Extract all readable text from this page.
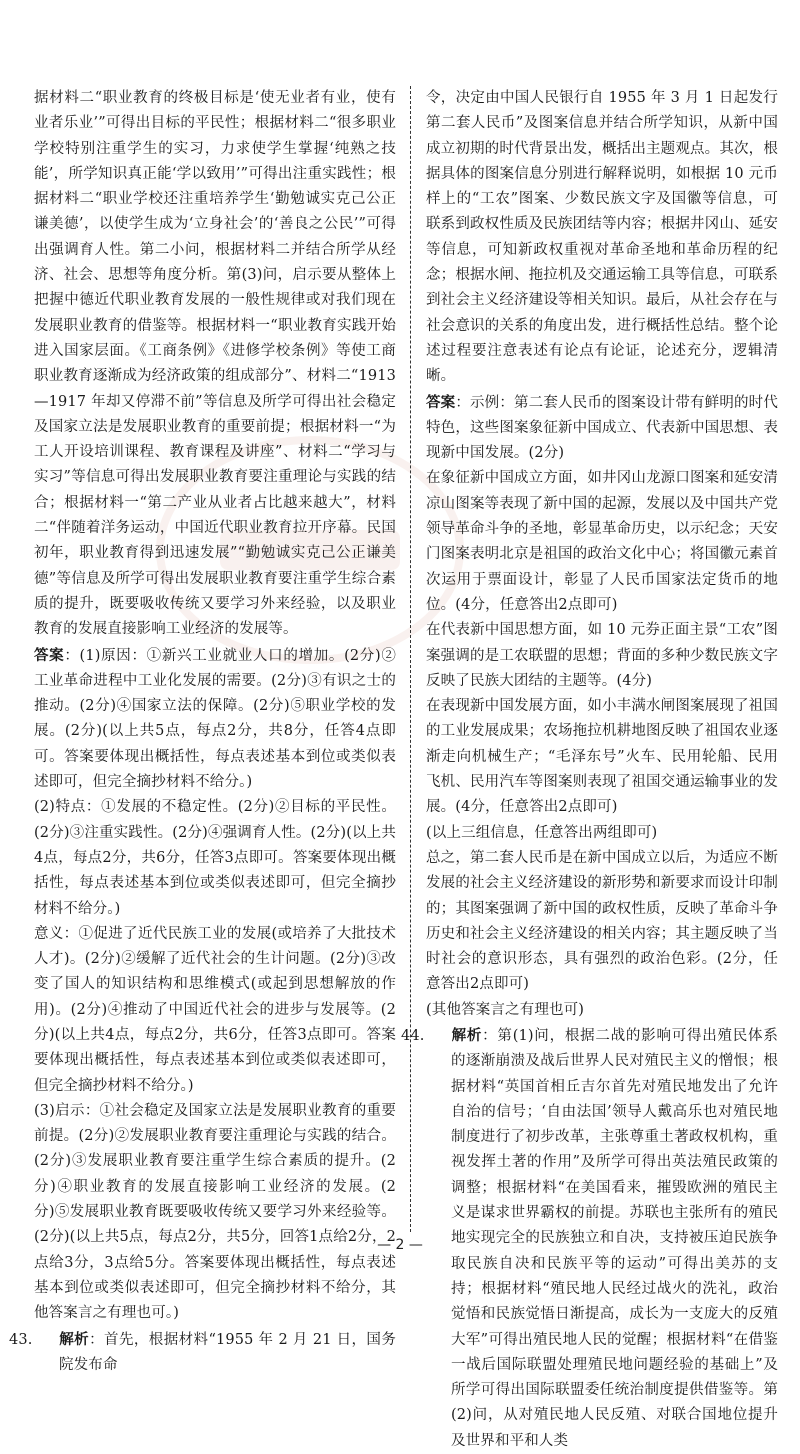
据材料二“职业教育的终极目标是‘使无业者有业，使有业者乐业’”可得出目标的平民性；根据材料二“很多职业学校特别注重学生的实习，力求使学生掌握‘纯熟之技能’，所学知识真正能‘学以致用’”可得出注重实践性；根据材料二“职业学校还注重培养学生‘勤勉诚实克己公正谦美德’，以使学生成为‘立身社会’的‘善良之公民’”可得出强调育人性。第二小问，根据材料二并结合所学从经济、社会、思想等角度分析。第(3)问，启示要从整体上把握中德近代职业教育发展的一般性规律或对我们现在发展职业教育的借鉴等。根据材料一“职业教育实践开始进入国家层面。《工商条例》《进修学校条例》等使工商职业教育逐渐成为经济政策的组成部分”、材料二“1913—1917 年却又停滞不前”等信息及所学可得出社会稳定及国家立法是发展职业教育的重要前提；根据材料一“为工人开设培训课程、教育课程及讲座”、材料二“学习与实习”等信息可得出发展职业教育要注重理论与实践的结合；根据材料一“第二产业从业者占比越来越大”，材料二“伴随着洋务运动，中国近代职业教育拉开序幕。民国初年，职业教育得到迅速发展”“勤勉诚实克己公正谦美德”等信息及所学可得出发展职业教育要注重学生综合素质的提升，既要吸收传统又要学习外来经验，以及职业教育的发展直接影响工业经济的发展等。

答案：(1)原因：①新兴工业就业人口的增加。(2分)②工业革命进程中工业化发展的需要。(2分)③有识之士的推动。(2分)④国家立法的保障。(2分)⑤职业学校的发展。(2分)(以上共5点，每点2分，共8分，任答4点即可。答案要体现出概括性，每点表述基本到位或类似表述即可，但完全摘抄材料不给分。)

(2)特点：①发展的不稳定性。(2分)②目标的平民性。(2分)③注重实践性。(2分)④强调育人性。(2分)(以上共4点，每点2分，共6分，任答3点即可。答案要体现出概括性，每点表述基本到位或类似表述即可，但完全摘抄材料不给分。)

意义：①促进了近代民族工业的发展(或培养了大批技术人才)。(2分)②缓解了近代社会的生计问题。(2分)③改变了国人的知识结构和思维模式(或起到思想解放的作用)。(2分)④推动了中国近代社会的进步与发展等。(2分)(以上共4点，每点2分，共6分，任答3点即可。答案要体现出概括性，每点表述基本到位或类似表述即可，但完全摘抄材料不给分。)

(3)启示：①社会稳定及国家立法是发展职业教育的重要前提。(2分)②发展职业教育要注重理论与实践的结合。(2分)③发展职业教育要注重学生综合素质的提升。(2分)④职业教育的发展直接影响工业经济的发展。(2分)⑤发展职业教育既要吸收传统又要学习外来经验等。(2分)(以上共5点，每点2分，共5分，回答1点给2分，2点给3分，3点给5分。答案要体现出概括性，每点表述基本到位或类似表述即可，但完全摘抄材料不给分，其他答案言之有理也可。)

43. 解析：首先，根据材料“1955 年 2 月 21 日，国务院发布命

令，决定由中国人民银行自 1955 年 3 月 1 日起发行第二套人民币”及图案信息并结合所学知识，从新中国成立初期的时代背景出发，概括出主题观点。其次，根据具体的图案信息分别进行解释说明，如根据 10 元币样上的“工农”图案、少数民族文字及国徽等信息，可联系到政权性质及民族团结等内容；根据井冈山、延安等信息，可知新政权重视对革命圣地和革命历程的纪念；根据水闸、拖拉机及交通运输工具等信息，可联系到社会主义经济建设等相关知识。最后，从社会存在与社会意识的关系的角度出发，进行概括性总结。整个论述过程要注意表述有论点有论证，论述充分，逻辑清晰。

答案：示例：第二套人民币的图案设计带有鲜明的时代特色，这些图案象征新中国成立、代表新中国思想、表现新中国发展。(2分)

在象征新中国成立方面，如井冈山龙源口图案和延安清凉山图案等表现了新中国的起源，发展以及中国共产党领导革命斗争的圣地，彰显革命历史，以示纪念；天安门图案表明北京是祖国的政治文化中心；将国徽元素首次运用于票面设计，彰显了人民币国家法定货币的地位。(4分，任意答出2点即可)

在代表新中国思想方面，如 10 元券正面主景“工农”图案强调的是工农联盟的思想；背面的多种少数民族文字反映了民族大团结的主题等。(4分)

在表现新中国发展方面，如小丰满水闸图案展现了祖国的工业发展成果；农场拖拉机耕地图反映了祖国农业逐渐走向机械生产；“毛泽东号”火车、民用轮船、民用飞机、民用汽车等图案则表现了祖国交通运输事业的发展。(4分，任意答出2点即可)

(以上三组信息，任意答出两组即可)

总之，第二套人民币是在新中国成立以后，为适应不断发展的社会主义经济建设的新形势和新要求而设计印制的；其图案强调了新中国的政权性质，反映了革命斗争历史和社会主义经济建设的相关内容；其主题反映了当时社会的意识形态，具有强烈的政治色彩。(2分，任意答出2点即可)

(其他答案言之有理也可)

44. 解析：第(1)问，根据二战的影响可得出殖民体系的逐渐崩溃及战后世界人民对殖民主义的憎恨；根据材料“英国首相丘吉尔首先对殖民地发出了允许自治的信号；‘自由法国’领导人戴高乐也对殖民地制度进行了初步改革，主张尊重土著政权机构，重视发挥土著的作用”及所学可得出英法殖民政策的调整；根据材料“在美国看来，摧毁欧洲的殖民主义是谋求世界霸权的前提。苏联也主张所有的殖民地实现完全的民族独立和自决，支持被压迫民族争取民族自决和民族平等的运动”可得出美苏的支持；根据材料“殖民地人民经过战火的洗礼，政治觉悟和民族觉悟日渐提高，成长为一支庞大的反殖大军”可得出殖民地人民的觉醒；根据材料“在借鉴一战后国际联盟处理殖民地问题经验的基础上”及所学可得出国际联盟委任统治制度提供借鉴等。第(2)问，从对殖民地人民反殖、对联合国地位提升及世界和平和人类

— 2 —
